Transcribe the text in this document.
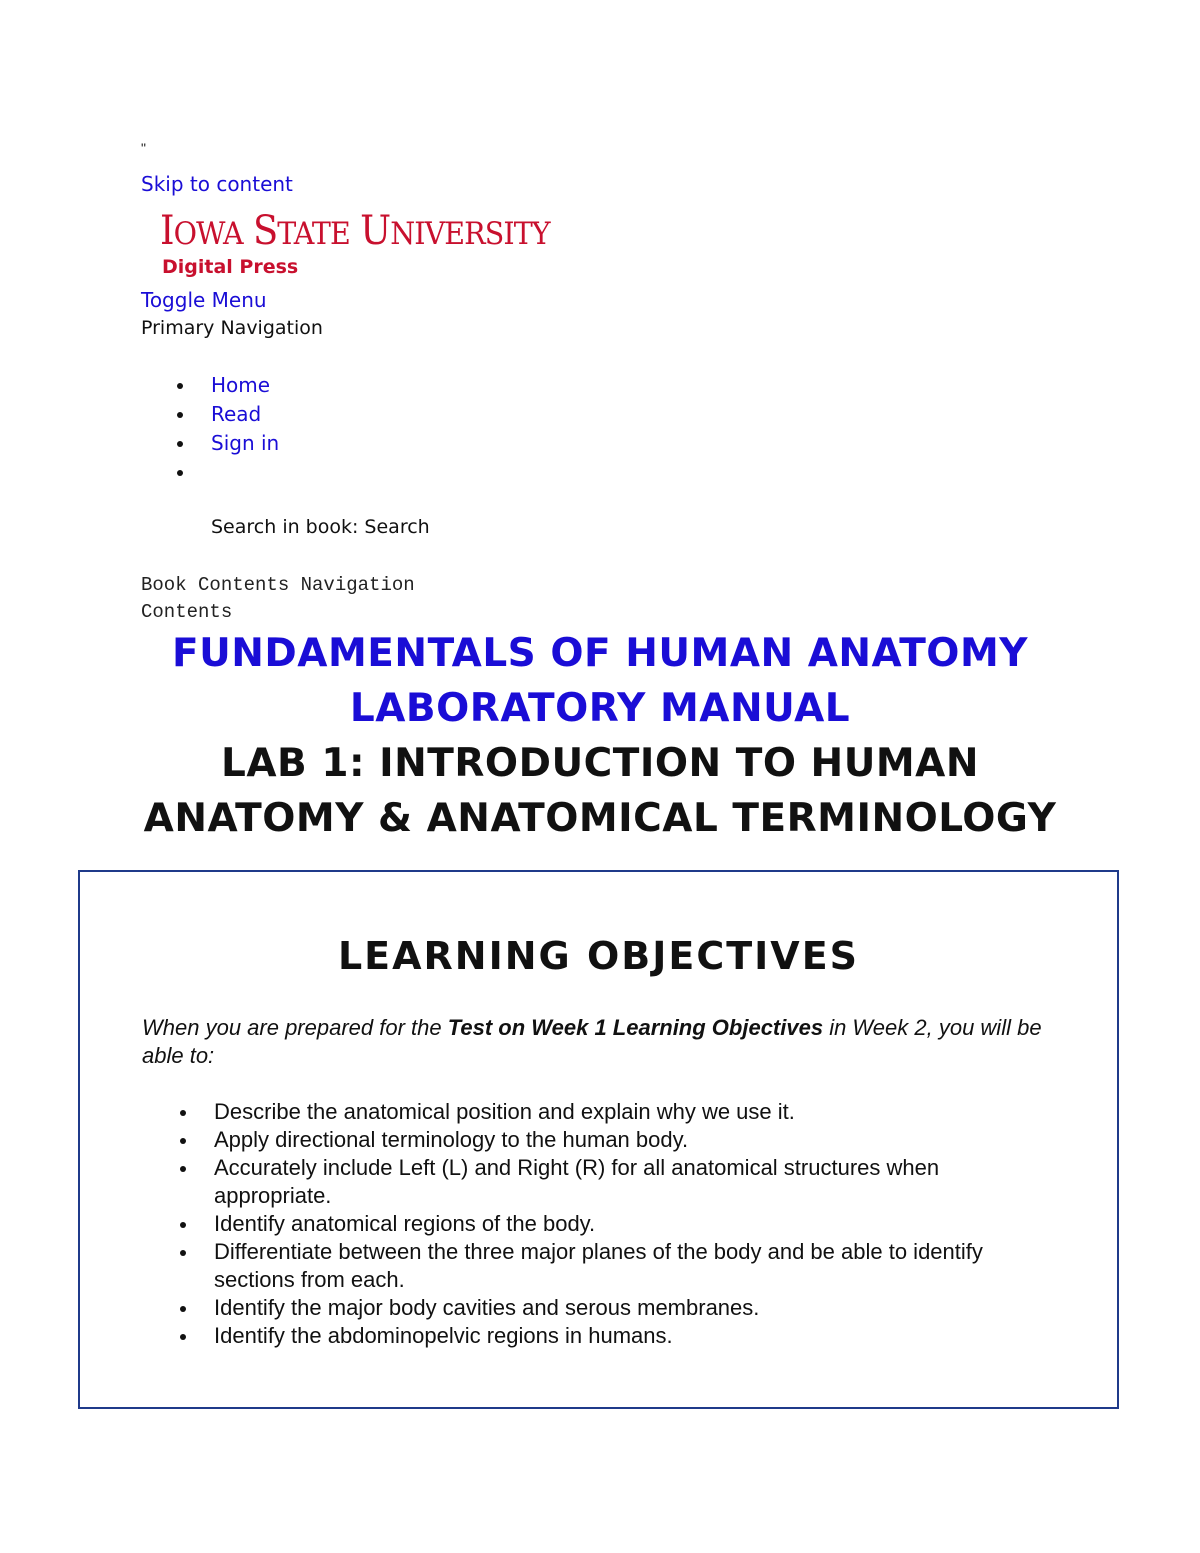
"
Skip to content
IOWA STATE UNIVERSITY
Digital Press
Toggle Menu
Primary Navigation
Home
Read
Sign in
Search in book: Search
Book Contents Navigation
Contents
FUNDAMENTALS OF HUMAN ANATOMY
LABORATORY MANUAL
LAB 1: INTRODUCTION TO HUMAN
ANATOMY & ANATOMICAL TERMINOLOGY
LEARNING OBJECTIVES
When you are prepared for the Test on Week 1 Learning Objectives in Week 2, you will be able to:
Describe the anatomical position and explain why we use it.
Apply directional terminology to the human body.
Accurately include Left (L) and Right (R) for all anatomical structures when appropriate.
Identify anatomical regions of the body.
Differentiate between the three major planes of the body and be able to identify sections from each.
Identify the major body cavities and serous membranes.
Identify the abdominopelvic regions in humans.
